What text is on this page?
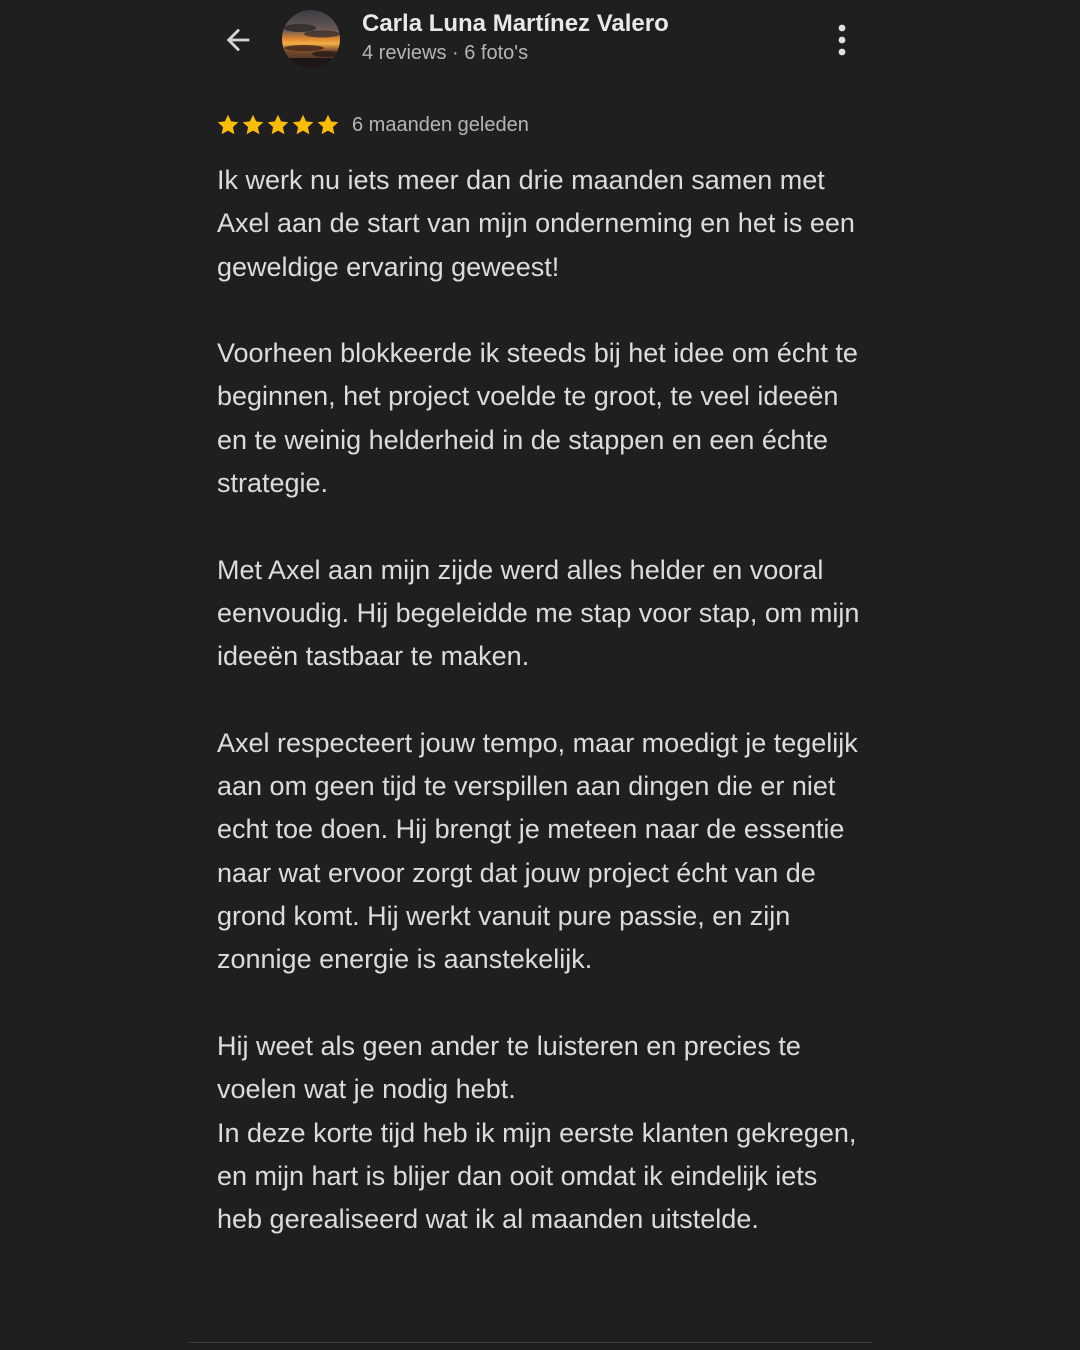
Carla Luna Martínez Valero
4 reviews · 6 foto's
6 maanden geleden

Ik werk nu iets meer dan drie maanden samen met Axel aan de start van mijn onderneming en het is een geweldige ervaring geweest!

Voorheen blokkeerde ik steeds bij het idee om écht te beginnen, het project voelde te groot, te veel ideeën en te weinig helderheid in de stappen en een échte strategie.

Met Axel aan mijn zijde werd alles helder en vooral eenvoudig. Hij begeleidde me stap voor stap, om mijn ideeën tastbaar te maken.

Axel respecteert jouw tempo, maar moedigt je tegelijk aan om geen tijd te verspillen aan dingen die er niet echt toe doen. Hij brengt je meteen naar de essentie naar wat ervoor zorgt dat jouw project écht van de grond komt. Hij werkt vanuit pure passie, en zijn zonnige energie is aanstekelijk.

Hij weet als geen ander te luisteren en precies te voelen wat je nodig hebt.

In deze korte tijd heb ik mijn eerste klanten gekregen, en mijn hart is blijer dan ooit omdat ik eindelijk iets heb gerealiseerd wat ik al maanden uitstelde.
